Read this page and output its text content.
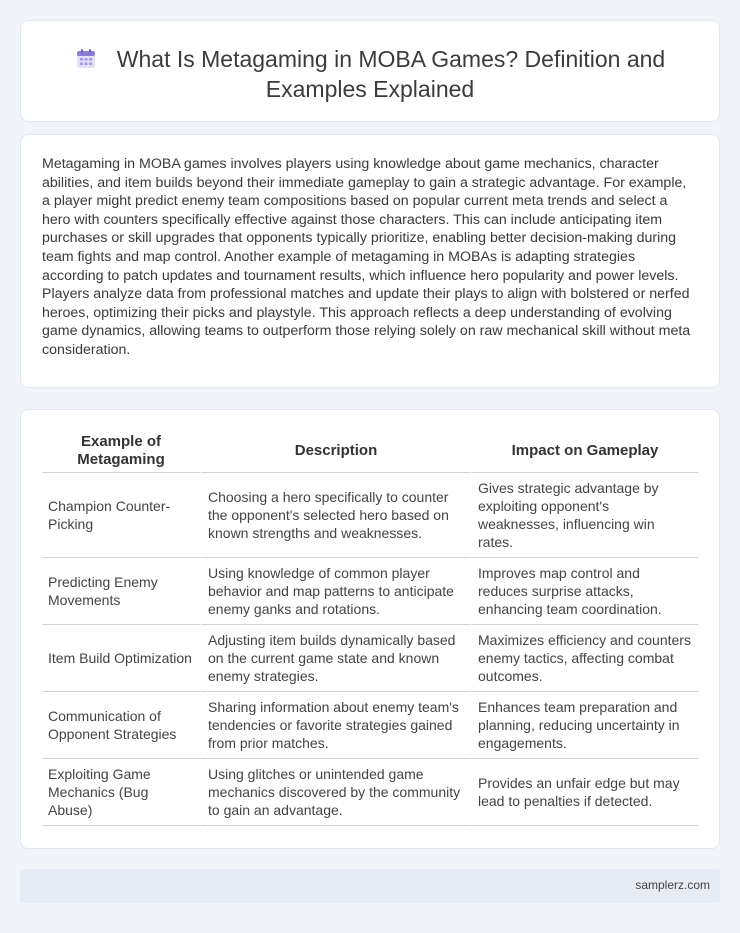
What Is Metagaming in MOBA Games? Definition and Examples Explained

Metagaming in MOBA games involves players using knowledge about game mechanics, character abilities, and item builds beyond their immediate gameplay to gain a strategic advantage. For example, a player might predict enemy team compositions based on popular current meta trends and select a hero with counters specifically effective against those characters. This can include anticipating item purchases or skill upgrades that opponents typically prioritize, enabling better decision-making during team fights and map control. Another example of metagaming in MOBAs is adapting strategies according to patch updates and tournament results, which influence hero popularity and power levels. Players analyze data from professional matches and update their plays to align with bolstered or nerfed heroes, optimizing their picks and playstyle. This approach reflects a deep understanding of evolving game dynamics, allowing teams to outperform those relying solely on raw mechanical skill without meta consideration.

Example of Metagaming	Description	Impact on Gameplay
Champion Counter-Picking	Choosing a hero specifically to counter the opponent's selected hero based on known strengths and weaknesses.	Gives strategic advantage by exploiting opponent's weaknesses, influencing win rates.
Predicting Enemy Movements	Using knowledge of common player behavior and map patterns to anticipate enemy ganks and rotations.	Improves map control and reduces surprise attacks, enhancing team coordination.
Item Build Optimization	Adjusting item builds dynamically based on the current game state and known enemy strategies.	Maximizes efficiency and counters enemy tactics, affecting combat outcomes.
Communication of Opponent Strategies	Sharing information about enemy team's tendencies or favorite strategies gained from prior matches.	Enhances team preparation and planning, reducing uncertainty in engagements.
Exploiting Game Mechanics (Bug Abuse)	Using glitches or unintended game mechanics discovered by the community to gain an advantage.	Provides an unfair edge but may lead to penalties if detected.
samplerz.com
